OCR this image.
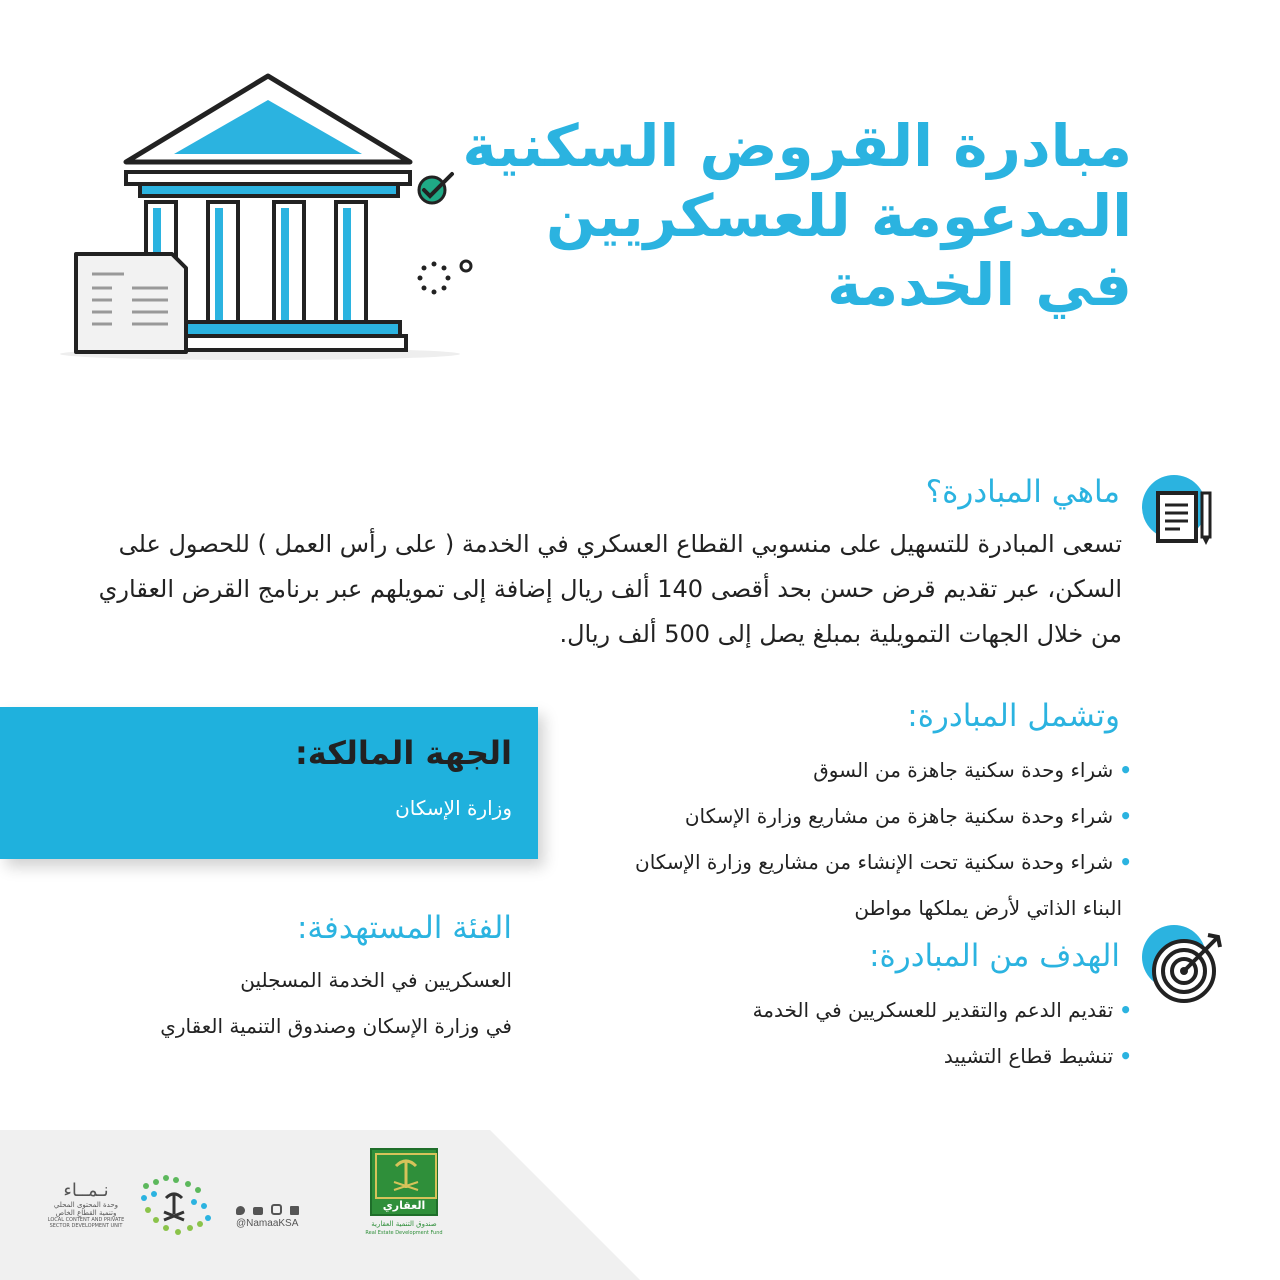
مبادرة القروض السكنية
المدعومة للعسكريين
في الخدمة
ماهي المبادرة؟
تسعى المبادرة للتسهيل على منسوبي القطاع العسكري في الخدمة ( على رأس العمل ) للحصول على السكن، عبر تقديم قرض حسن بحد أقصى 140 ألف ريال إضافة إلى تمويلهم عبر برنامج القرض العقاري من خلال الجهات التمويلية بمبلغ يصل إلى 500 ألف ريال.
وتشمل المبادرة:
•شراء وحدة سكنية جاهزة من السوق
•شراء وحدة سكنية جاهزة من مشاريع وزارة الإسكان
•شراء وحدة سكنية تحت الإنشاء من مشاريع وزارة الإسكان
البناء الذاتي لأرض يملكها مواطن
الجهة المالكة:
وزارة الإسكان
الفئة المستهدفة:
العسكريين في الخدمة المسجلين
في وزارة الإسكان وصندوق التنمية العقاري
الهدف من المبادرة:
•تقديم الدعم والتقدير للعسكريين في الخدمة
•تنشيط قطاع التشييد
العقاري
صندوق التنمية العقارية
Real Estate Development Fund

@NamaaKSA
نـمــاء
وحدة المحتوى المحلي
وتنمية القطاع الخاص
LOCAL CONTENT AND PRIVATE
SECTOR DEVELOPMENT UNIT
